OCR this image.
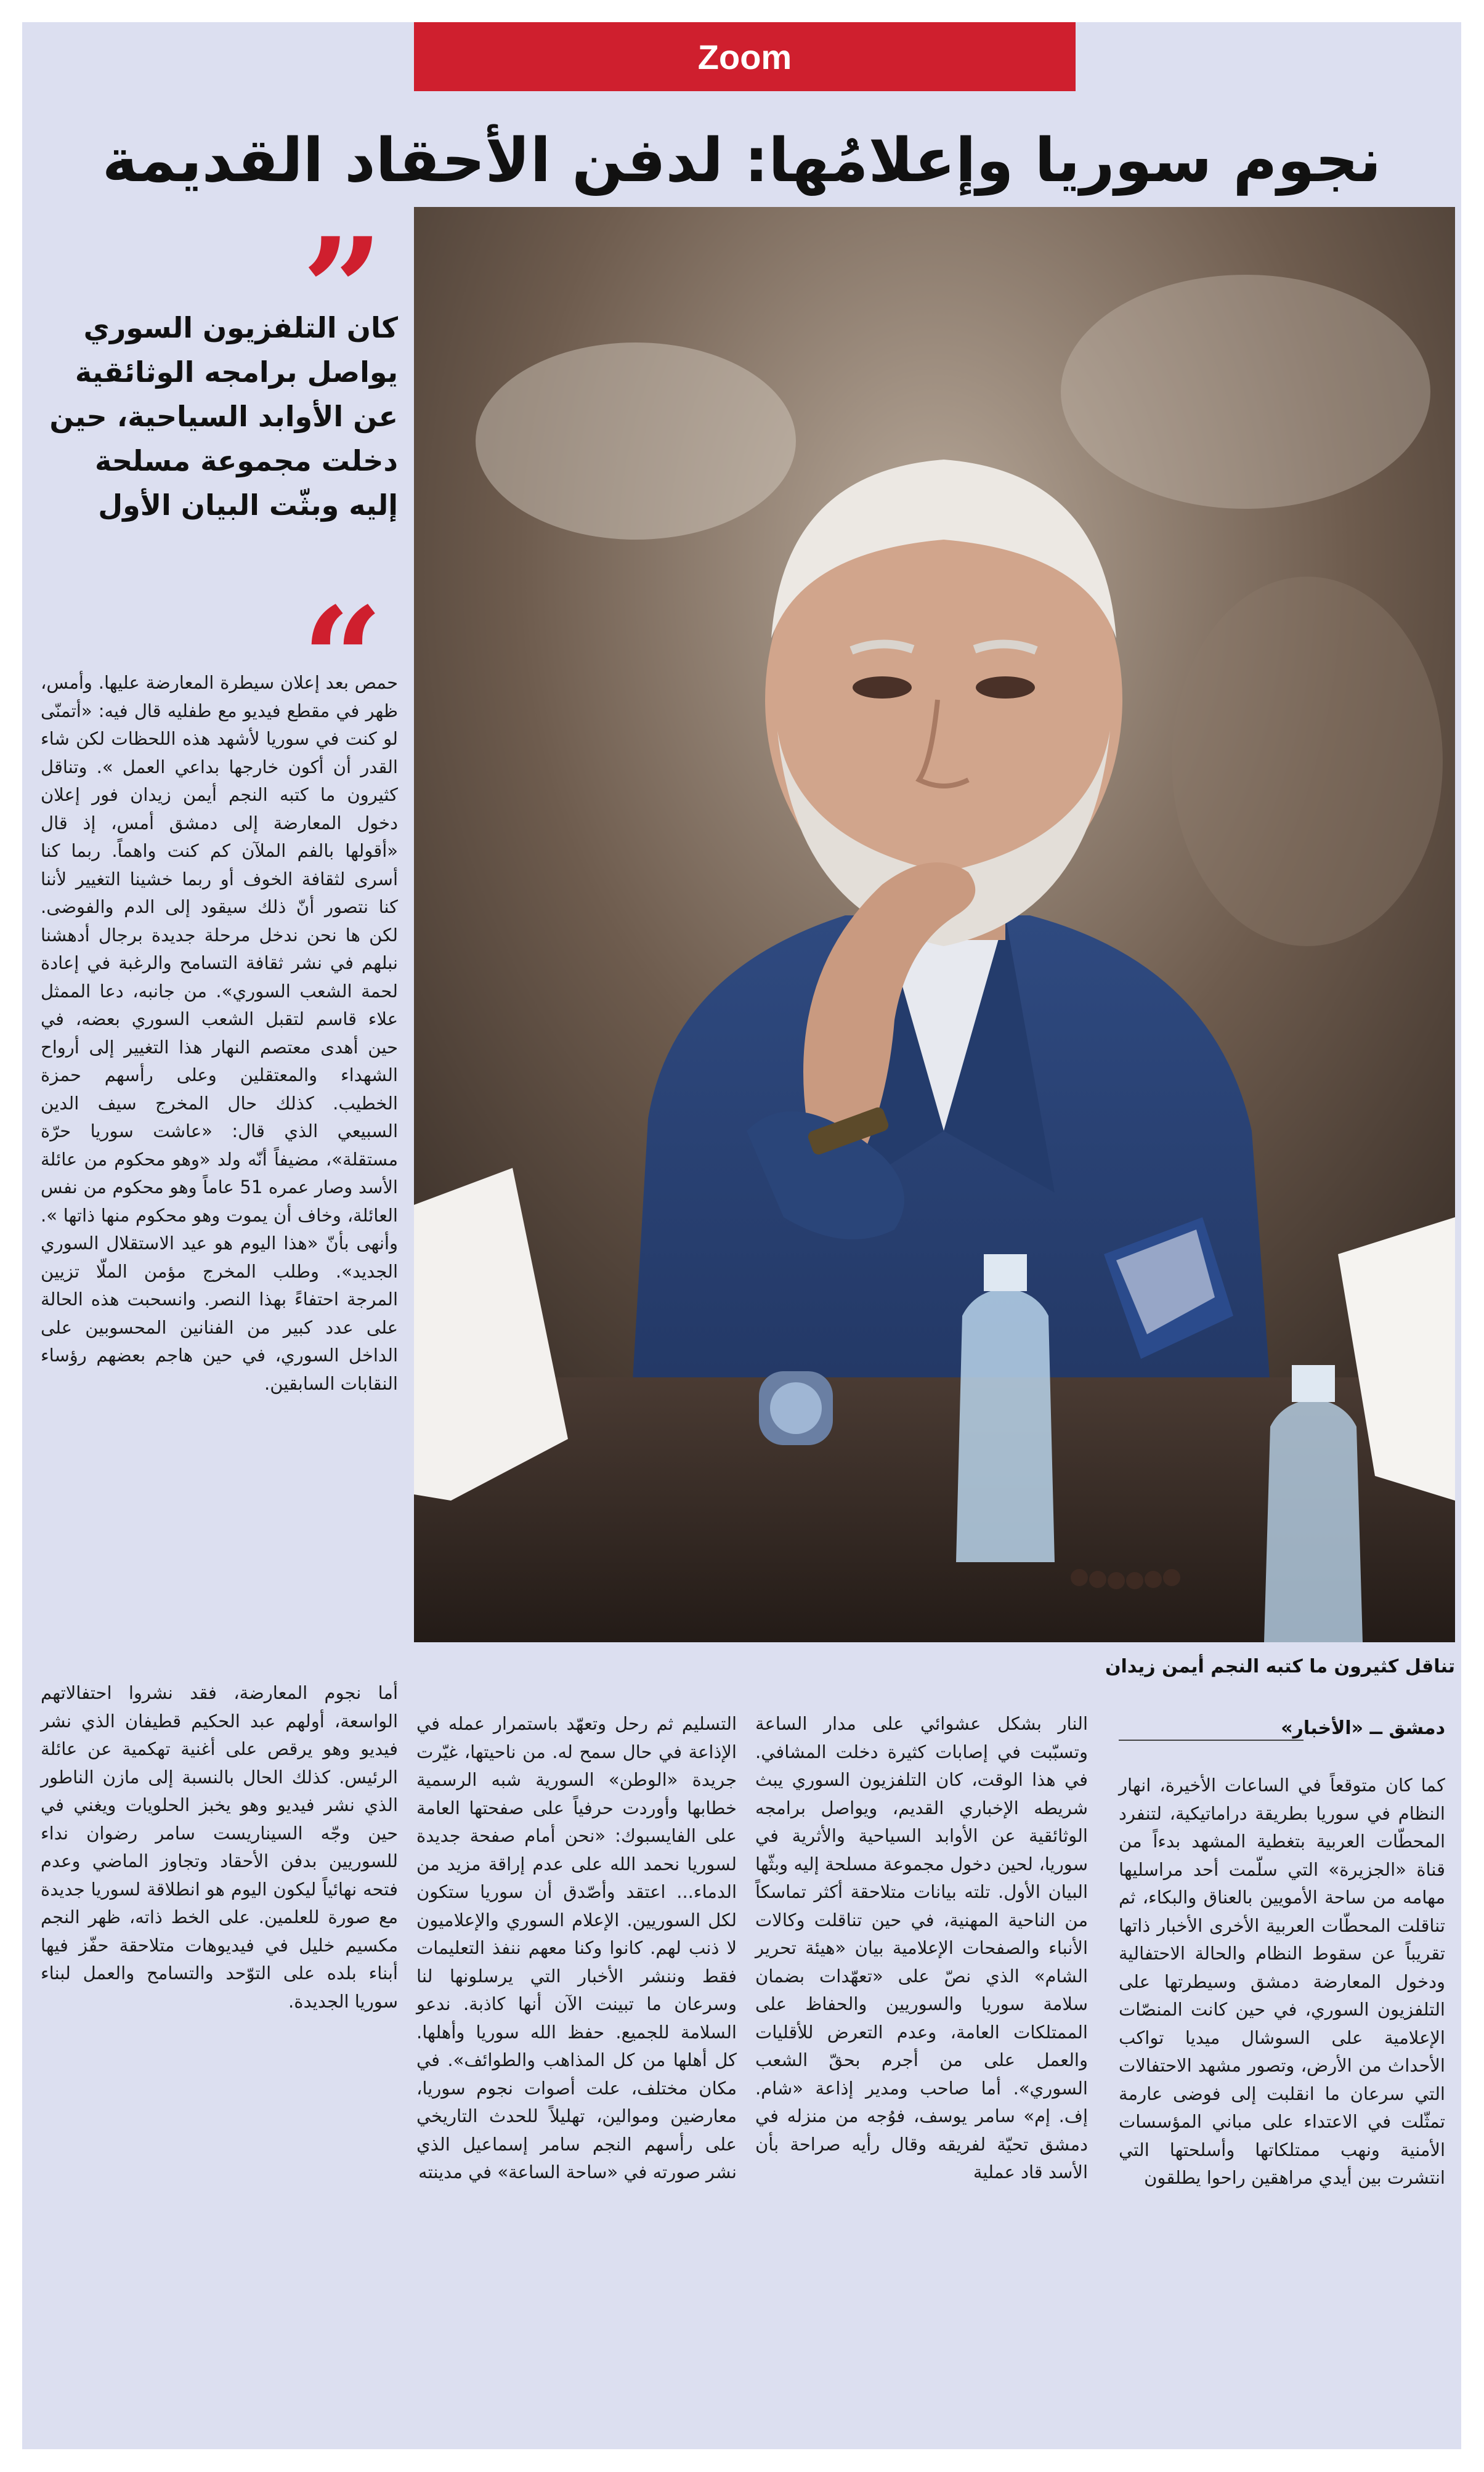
Zoom
نجوم سوريا وإعلامُها: لدفن الأحقاد القديمة
”

كان التلفزيون السوري يواصل برامجه الوثائقية عن الأوابد السياحية، حين دخلت مجموعة مسلحة إليه وبثّت البيان الأول

“
تناقل كثيرون ما كتبه النجم أيمن زيدان
دمشق ــ «الأخبار»

حمص بعد إعلان سيطرة المعارضة عليها. وأمس، ظهر في مقطع فيديو مع طفليه قال فيه: «أتمنّى لو كنت في سوريا لأشهد هذه اللحظات لكن شاء القدر أن أكون خارجها بداعي العمل ». وتناقل كثيرون ما كتبه النجم أيمن زيدان فور إعلان دخول المعارضة إلى دمشق أمس، إذ قال «أقولها بالفم الملآن كم كنت واهماً. ربما كنا أسرى لثقافة الخوف أو ربما خشينا التغيير لأننا كنا نتصور أنّ ذلك سيقود إلى الدم والفوضى. لكن ها نحن ندخل مرحلة جديدة برجال أدهشنا نبلهم في نشر ثقافة التسامح والرغبة في إعادة لحمة الشعب السوري». من جانبه، دعا الممثل علاء قاسم لتقبل الشعب السوري بعضه، في حين أهدى معتصم النهار هذا التغيير إلى أرواح الشهداء والمعتقلين وعلى رأسهم حمزة الخطيب. كذلك حال المخرج سيف الدين السبيعي الذي قال: «عاشت سوريا حرّة مستقلة»، مضيفاً أنّه ولد «وهو محكوم من عائلة الأسد وصار عمره 51 عاماً وهو محكوم من نفس العائلة، وخاف أن يموت وهو محكوم منها ذاتها ». وأنهى بأنّ «هذا اليوم هو عيد الاستقلال السوري الجديد». وطلب المخرج مؤمن الملّا تزيين المرجة احتفاءً بهذا النصر. وانسحبت هذه الحالة على عدد كبير من الفنانين المحسوبين على الداخل السوري، في حين هاجم بعضهم رؤساء النقابات السابقين.

أما نجوم المعارضة، فقد نشروا احتفالاتهم الواسعة، أولهم عبد الحكيم قطيفان الذي نشر فيديو وهو يرقص على أغنية تهكمية عن عائلة الرئيس. كذلك الحال بالنسبة إلى مازن الناطور الذي نشر فيديو وهو يخبز الحلويات ويغني في حين وجّه السيناريست سامر رضوان نداء للسوريين بدفن الأحقاد وتجاوز الماضي وعدم فتحه نهائياً ليكون اليوم هو انطلاقة لسوريا جديدة مع صورة للعلمين. على الخط ذاته، ظهر النجم مكسيم خليل في فيديوهات متلاحقة حفّز فيها أبناء بلده على التوّحد والتسامح والعمل لبناء سوريا الجديدة.

التسليم ثم رحل وتعهّد باستمرار عمله في الإذاعة في حال سمح له. من ناحيتها، غيّرت جريدة «الوطن» السورية شبه الرسمية خطابها وأوردت حرفياً على صفحتها العامة على الفايسبوك: «نحن أمام صفحة جديدة لسوريا نحمد الله على عدم إراقة مزيد من الدماء... اعتقد وأصّدق أن سوريا ستكون لكل السوريين. الإعلام السوري والإعلاميون لا ذنب لهم. كانوا وكنا معهم ننفذ التعليمات فقط وننشر الأخبار التي يرسلونها لنا وسرعان ما تبينت الآن أنها كاذبة. ندعو السلامة للجميع. حفظ الله سوريا وأهلها. كل أهلها من كل المذاهب والطوائف». في مكان مختلف، علت أصوات نجوم سوريا، معارضين وموالين، تهليلاً للحدث التاريخي على رأسهم النجم سامر إسماعيل الذي نشر صورته في «ساحة الساعة» في مدينته

النار بشكل عشوائي على مدار الساعة وتسبّبت في إصابات كثيرة دخلت المشافي. في هذا الوقت، كان التلفزيون السوري يبث شريطه الإخباري القديم، ويواصل برامجه الوثائقية عن الأوابد السياحية والأثرية في سوريا، لحين دخول مجموعة مسلحة إليه وبثّها البيان الأول. تلته بيانات متلاحقة أكثر تماسكاً من الناحية المهنية، في حين تناقلت وكالات الأنباء والصفحات الإعلامية بيان «هيئة تحرير الشام» الذي نصّ على «تعهّدات بضمان سلامة سوريا والسوريين والحفاظ على الممتلكات العامة، وعدم التعرض للأقليات والعمل على من أجرم بحقّ الشعب السوري». أما صاحب ومدير إذاعة «شام. إف. إم» سامر يوسف، فوُجه من منزله في دمشق تحيّة لفريقه وقال رأيه صراحة بأن الأسد قاد عملية

كما كان متوقعاً في الساعات الأخيرة، انهار النظام في سوريا بطريقة دراماتيكية، لتنفرد المحطّات العربية بتغطية المشهد بدءاً من قناة «الجزيرة» التي سلّمت أحد مراسليها مهامه من ساحة الأمويين بالعناق والبكاء، ثم تناقلت المحطّات العربية الأخرى الأخبار ذاتها تقريباً عن سقوط النظام والحالة الاحتفالية ودخول المعارضة دمشق وسيطرتها على التلفزيون السوري، في حين كانت المنصّات الإعلامية على السوشال ميديا تواكب الأحداث من الأرض، وتصور مشهد الاحتفالات التي سرعان ما انقلبت إلى فوضى عارمة تمثّلت في الاعتداء على مباني المؤسسات الأمنية ونهب ممتلكاتها وأسلحتها التي انتشرت بين أيدي مراهقين راحوا يطلقون
